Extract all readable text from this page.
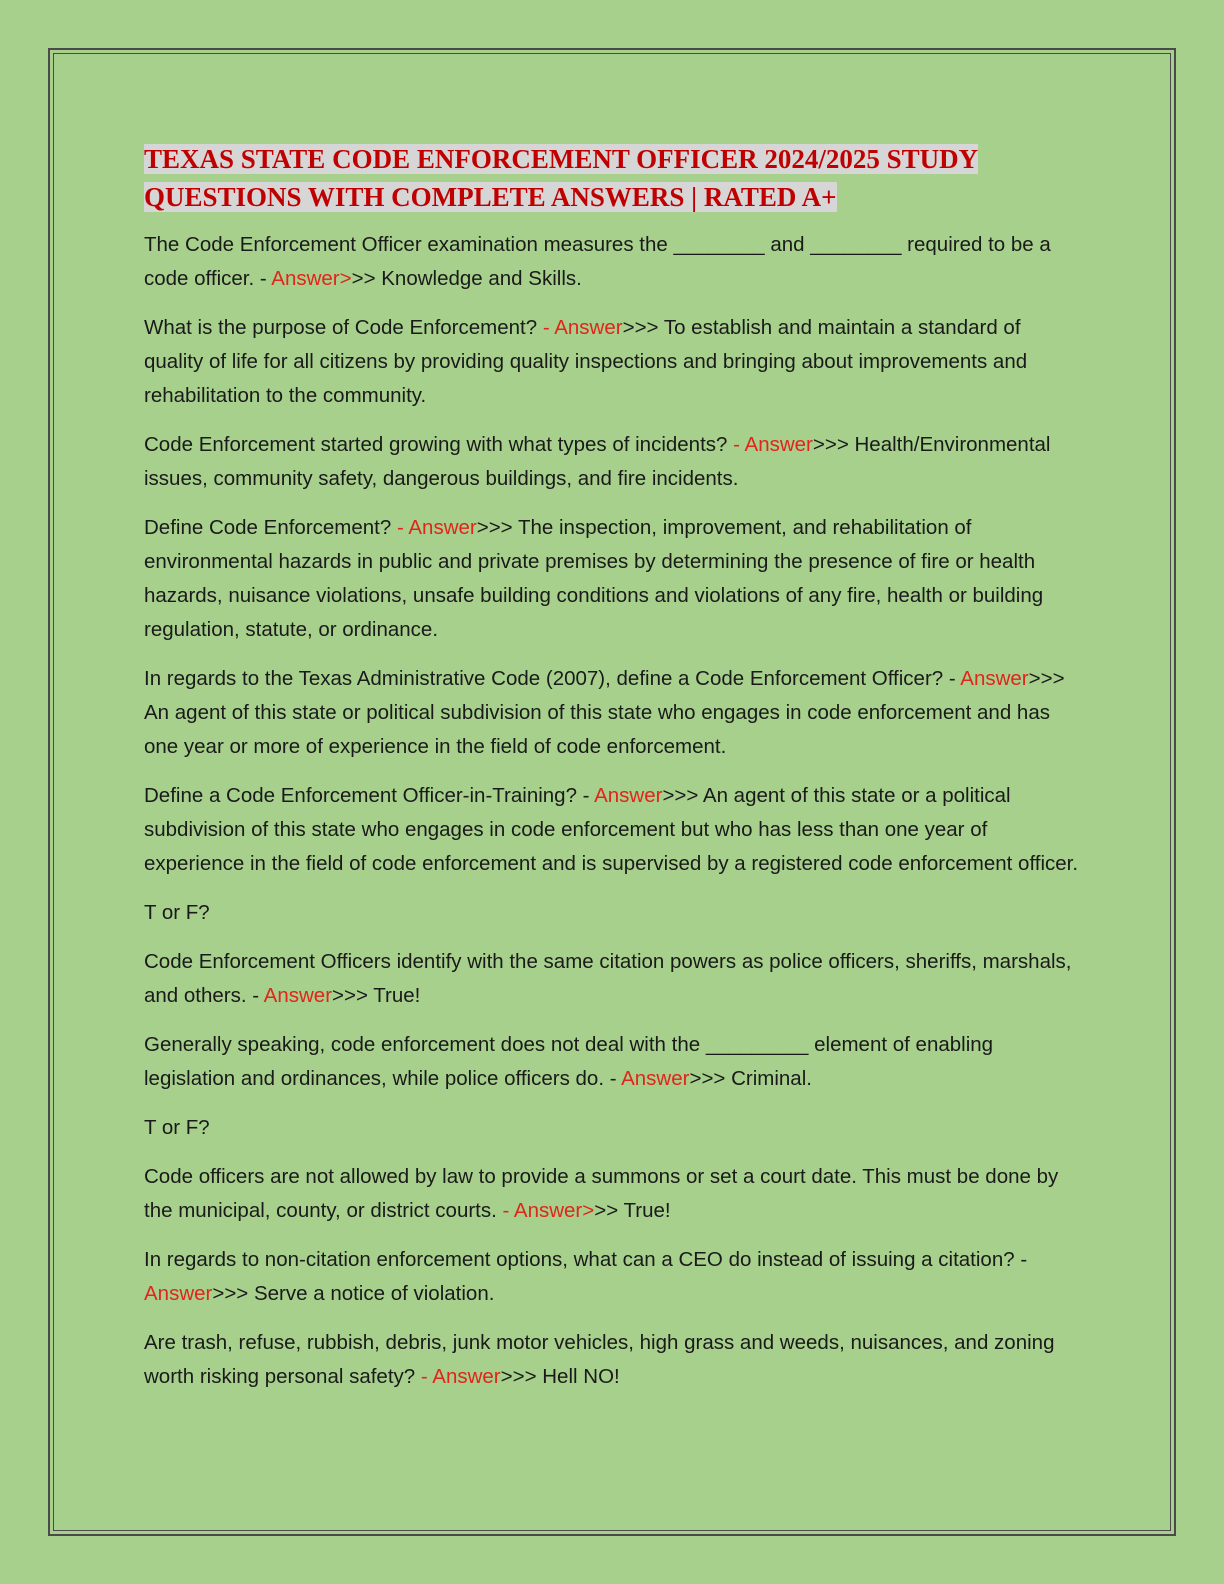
TEXAS STATE CODE ENFORCEMENT OFFICER 2024/2025 STUDY
QUESTIONS WITH COMPLETE ANSWERS | RATED A+

The Code Enforcement Officer examination measures the ________ and ________ required to be a code officer. - Answer>>> Knowledge and Skills.

What is the purpose of Code Enforcement? - Answer>>> To establish and maintain a standard of quality of life for all citizens by providing quality inspections and bringing about improvements and rehabilitation to the community.

Code Enforcement started growing with what types of incidents? - Answer>>> Health/Environmental issues, community safety, dangerous buildings, and fire incidents.

Define Code Enforcement? - Answer>>> The inspection, improvement, and rehabilitation of environmental hazards in public and private premises by determining the presence of fire or health hazards, nuisance violations, unsafe building conditions and violations of any fire, health or building regulation, statute, or ordinance.

In regards to the Texas Administrative Code (2007), define a Code Enforcement Officer? - Answer>>> An agent of this state or political subdivision of this state who engages in code enforcement and has one year or more of experience in the field of code enforcement.

Define a Code Enforcement Officer-in-Training? - Answer>>> An agent of this state or a political subdivision of this state who engages in code enforcement but who has less than one year of experience in the field of code enforcement and is supervised by a registered code enforcement officer.

T or F?

Code Enforcement Officers identify with the same citation powers as police officers, sheriffs, marshals, and others. - Answer>>> True!

Generally speaking, code enforcement does not deal with the _________ element of enabling legislation and ordinances, while police officers do. - Answer>>> Criminal.

T or F?

Code officers are not allowed by law to provide a summons or set a court date. This must be done by the municipal, county, or district courts. - Answer>>> True!

In regards to non-citation enforcement options, what can a CEO do instead of issuing a citation? - Answer>>> Serve a notice of violation.

Are trash, refuse, rubbish, debris, junk motor vehicles, high grass and weeds, nuisances, and zoning worth risking personal safety? - Answer>>> Hell NO!
